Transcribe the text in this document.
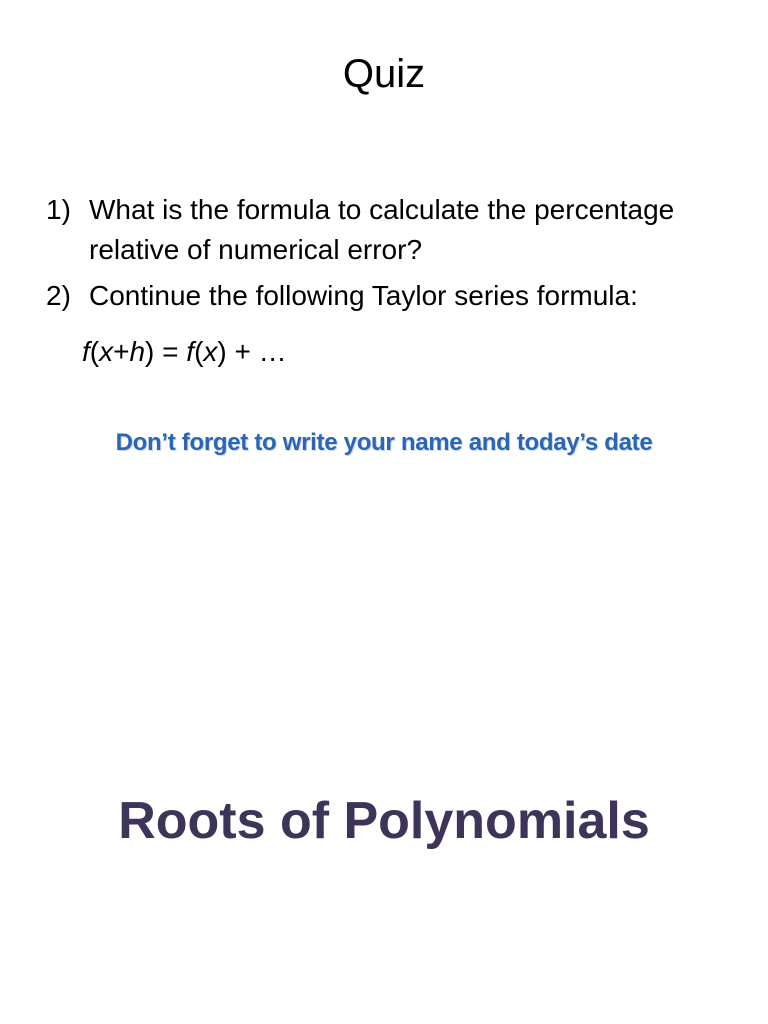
Quiz
1) What is the formula to calculate the percentage relative of numerical error?
2) Continue the following Taylor series formula:
f(x+h) = f(x) + …
Don’t forget to write your name and today’s date
Roots of Polynomials
